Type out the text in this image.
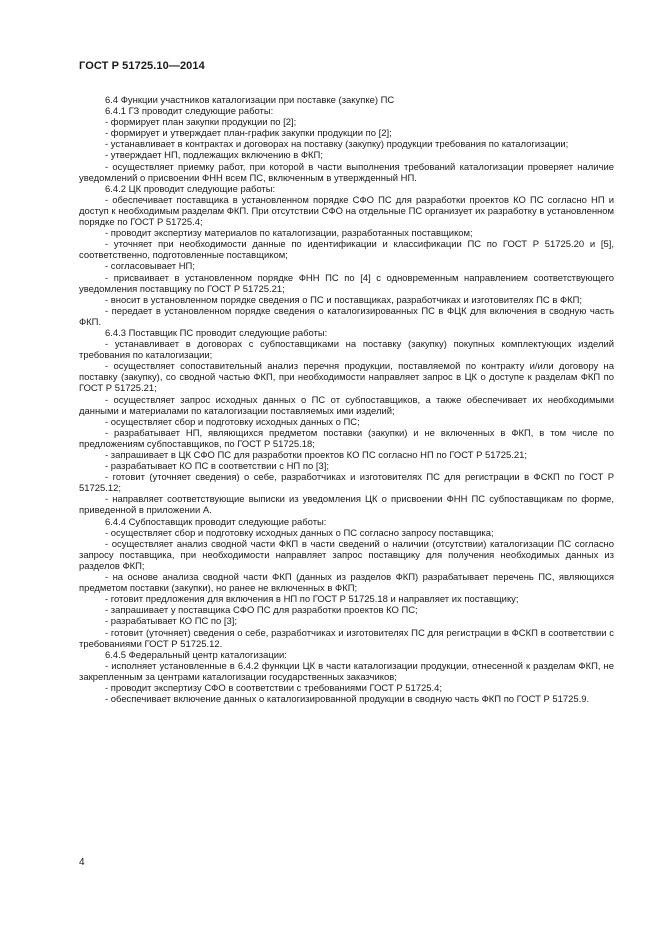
ГОСТ Р 51725.10—2014

6.4 Функции участников каталогизации при поставке (закупке) ПС

6.4.1 ГЗ проводит следующие работы:

- формирует план закупки продукции по [2];

- формирует и утверждает план-график закупки продукции по [2];

- устанавливает в контрактах и договорах на поставку (закупку) продукции требования по каталогизации;

- утверждает НП, подлежащих включению в ФКП;

- осуществляет приемку работ, при которой в части выполнения требований каталогизации проверяет наличие уведомлений о присвоении ФНН всем ПС, включенным в утвержденный НП.

6.4.2 ЦК проводит следующие работы:

- обеспечивает поставщика в установленном порядке СФО ПС для разработки проектов КО ПС согласно НП и доступ к необходимым разделам ФКП. При отсутствии СФО на отдельные ПС организует их разработку в установленном порядке по ГОСТ Р 51725.4;

- проводит экспертизу материалов по каталогизации, разработанных поставщиком;

- уточняет при необходимости данные по идентификации и классификации ПС по ГОСТ Р 51725.20 и [5], соответственно, подготовленные поставщиком;

- согласовывает НП;

- присваивает в установленном порядке ФНН ПС по [4] с одновременным направлением соответствующего уведомления поставщику по ГОСТ Р 51725.21;

- вносит в установленном порядке сведения о ПС и поставщиках, разработчиках и изготовителях ПС в ФКП;

- передает в установленном порядке сведения о каталогизированных ПС в ФЦК для включения в сводную часть ФКП.

6.4.3 Поставщик ПС проводит следующие работы:

- устанавливает в договорах с субпоставщиками на поставку (закупку) покупных комплектующих изделий требования по каталогизации;

- осуществляет сопоставительный анализ перечня продукции, поставляемой по контракту и/или договору на поставку (закупку), со сводной частью ФКП, при необходимости направляет запрос в ЦК о доступе к разделам ФКП по ГОСТ Р 51725.21;

- осуществляет запрос исходных данных о ПС от субпоставщиков, а также обеспечивает их необходимыми данными и материалами по каталогизации поставляемых ими изделий;

- осуществляет сбор и подготовку исходных данных о ПС;

- разрабатывает НП, являющихся предметом поставки (закупки) и не включенных в ФКП, в том числе по предложениям субпоставщиков, по ГОСТ Р 51725.18;

- запрашивает в ЦК СФО ПС для разработки проектов КО ПС согласно НП по ГОСТ Р 51725.21;

- разрабатывает КО ПС в соответствии с НП по [3];

- готовит (уточняет сведения) о себе, разработчиках и изготовителях ПС для регистрации в ФСКП по ГОСТ Р 51725.12;

- направляет соответствующие выписки из уведомления ЦК о присвоении ФНН ПС субпоставщикам по форме, приведенной в приложении А.

6.4.4 Субпоставщик проводит следующие работы:

- осуществляет сбор и подготовку исходных данных о ПС согласно запросу поставщика;

- осуществляет анализ сводной части ФКП в части сведений о наличии (отсутствии) каталогизации ПС согласно запросу поставщика, при необходимости направляет запрос поставщику для получения необходимых данных из разделов ФКП;

- на основе анализа сводной части ФКП (данных из разделов ФКП) разрабатывает перечень ПС, являющихся предметом поставки (закупки), но ранее не включенных в ФКП;

- готовит предложения для включения в НП по ГОСТ Р 51725.18 и направляет их поставщику;

- запрашивает у поставщика СФО ПС для разработки проектов КО ПС;

- разрабатывает КО ПС по [3];

- готовит (уточняет) сведения о себе, разработчиках и изготовителях ПС для регистрации в ФСКП в соответствии с требованиями ГОСТ Р 51725.12.

6.4.5 Федеральный центр каталогизации:

- исполняет установленные в 6.4.2 функции ЦК в части каталогизации продукции, отнесенной к разделам ФКП, не закрепленным за центрами каталогизации государственных заказчиков;

- проводит экспертизу СФО в соответствии с требованиями ГОСТ Р 51725.4;

- обеспечивает включение данных о каталогизированной продукции в сводную часть ФКП по ГОСТ Р 51725.9.

4
